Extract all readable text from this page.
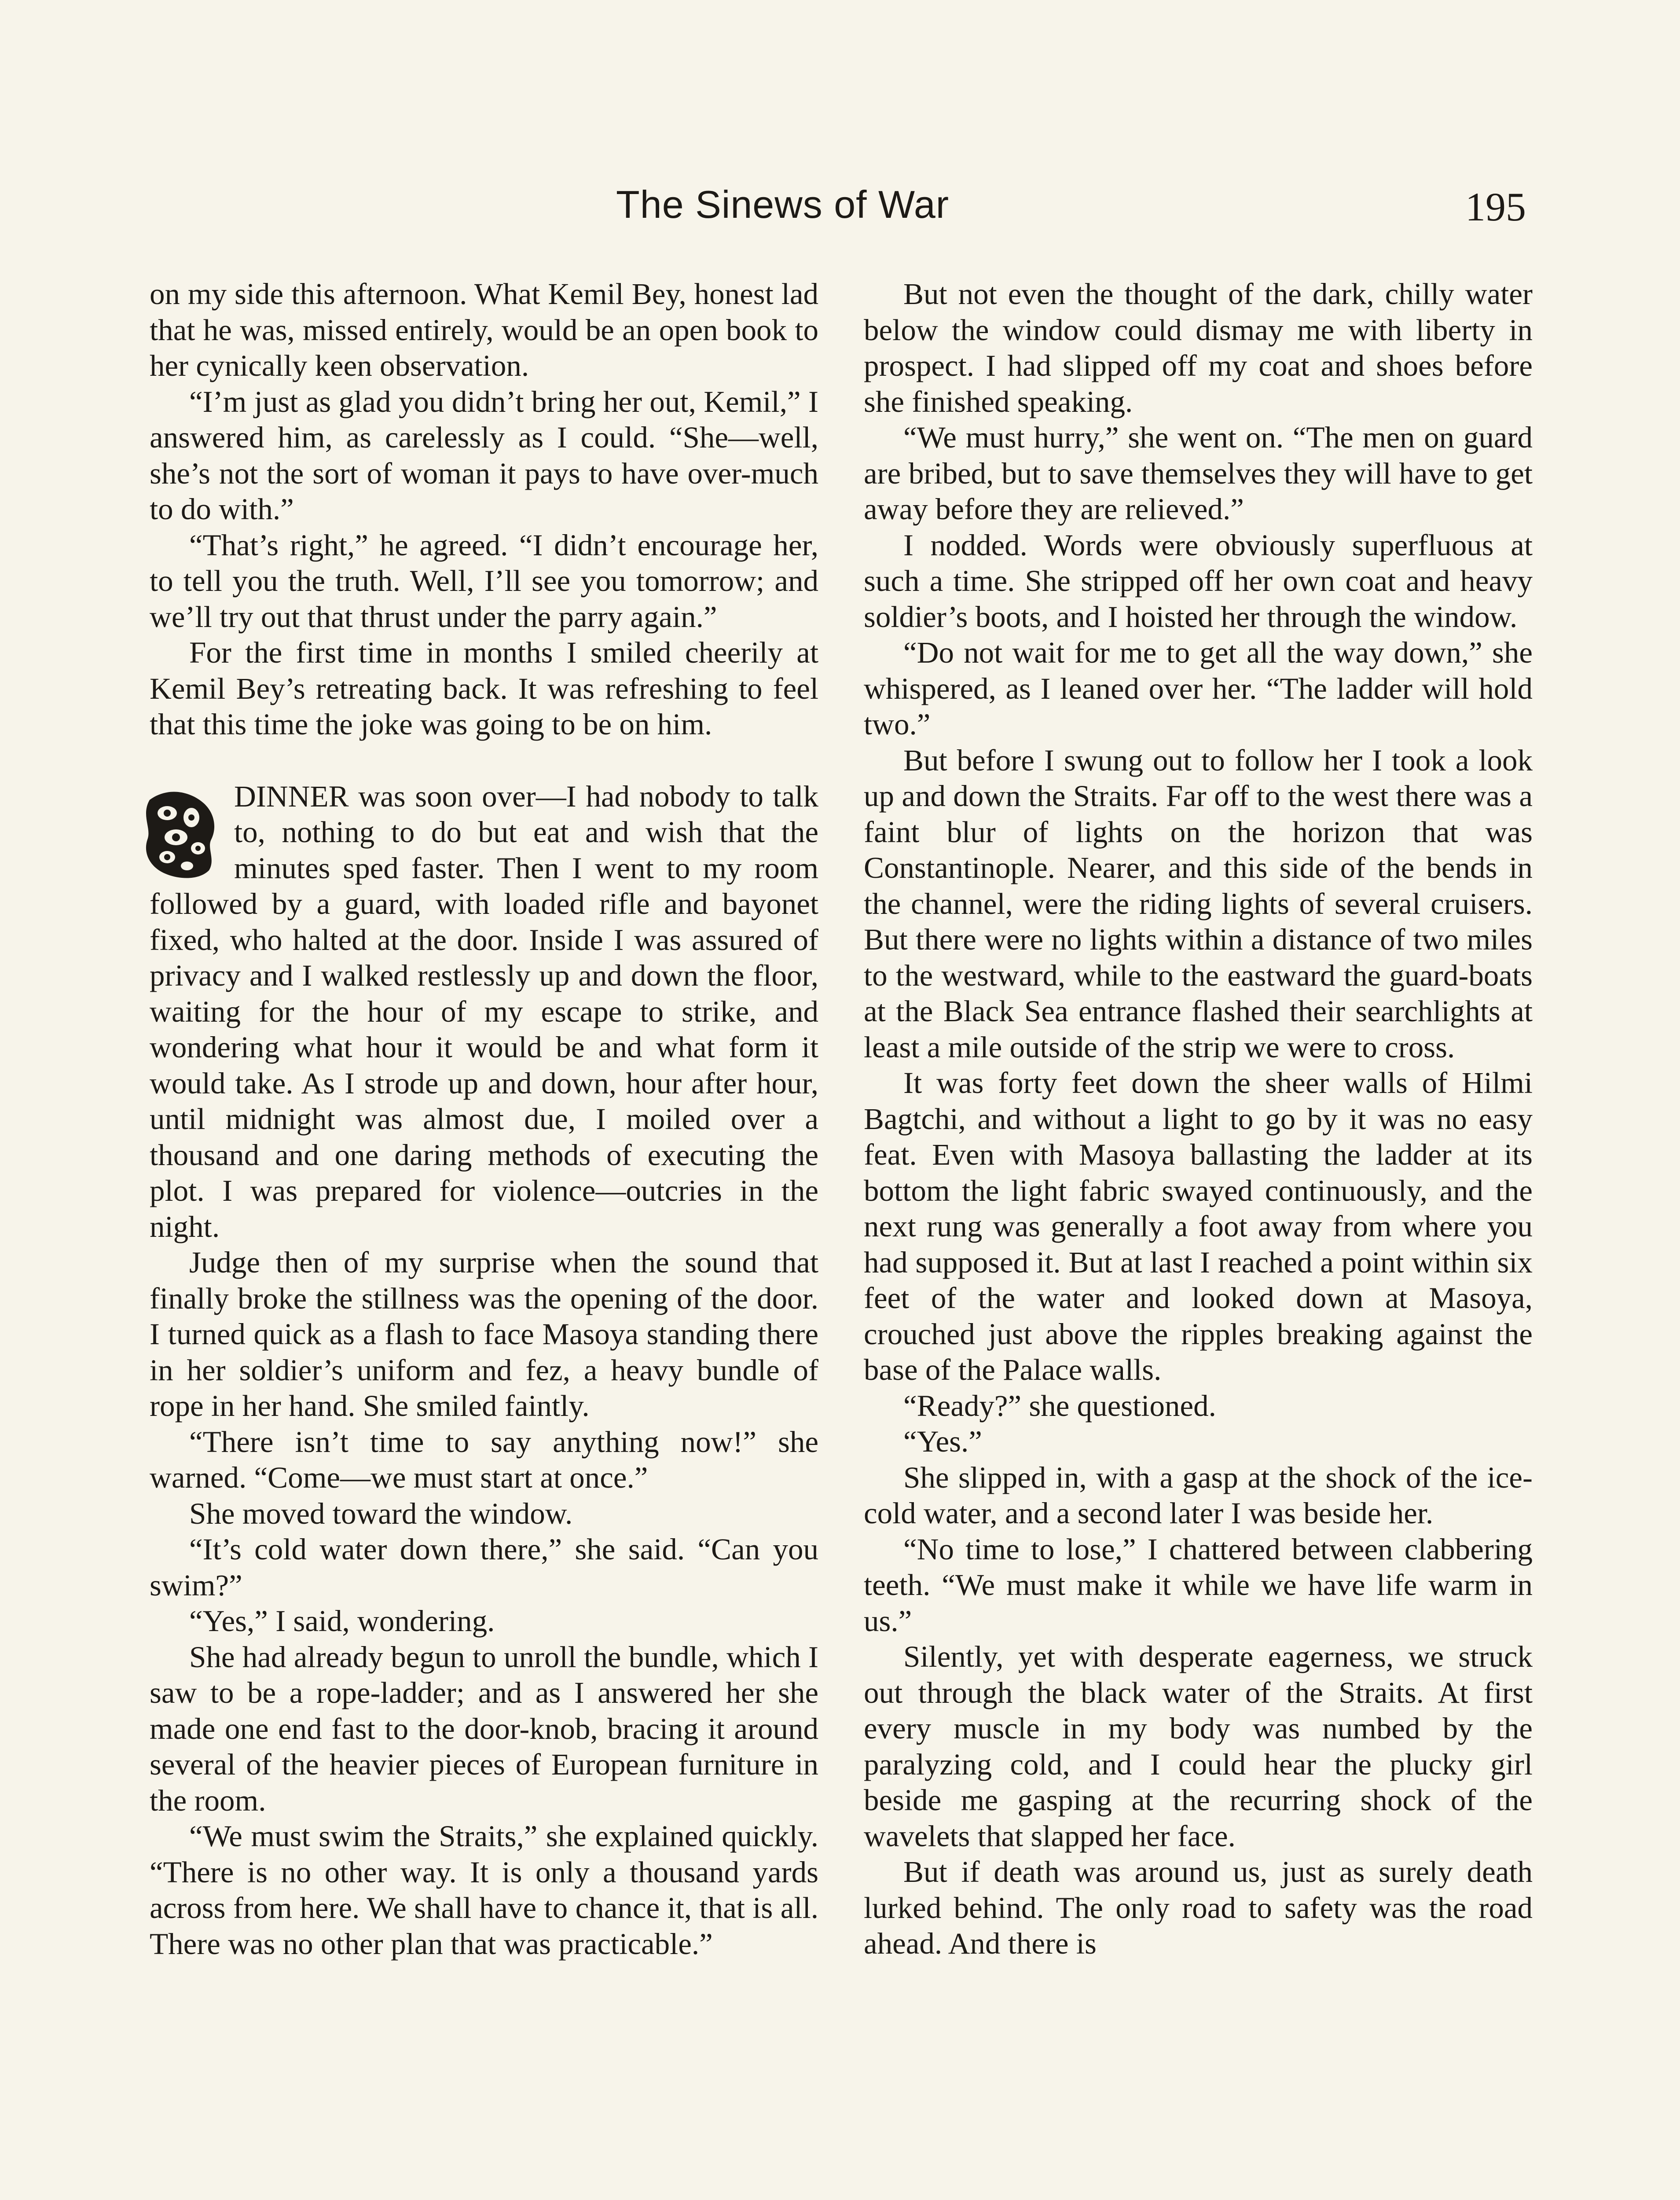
The Sinews of War	195

on my side this afternoon. What Kemil Bey, honest lad that he was, missed entirely, would be an open book to her cynically keen observation.

“I’m just as glad you didn’t bring her out, Kemil,” I answered him, as carelessly as I could. “She—well, she’s not the sort of woman it pays to have over-much to do with.”

“That’s right,” he agreed. “I didn’t encourage her, to tell you the truth. Well, I’ll see you tomorrow; and we’ll try out that thrust under the parry again.”

For the first time in months I smiled cheerily at Kemil Bey’s retreating back. It was refreshing to feel that this time the joke was going to be on him.

DINNER was soon over—I had nobody to talk to, nothing to do but eat and wish that the minutes sped faster. Then I went to my room followed by a guard, with loaded rifle and bayonet fixed, who halted at the door. Inside I was assured of privacy and I walked restlessly up and down the floor, waiting for the hour of my escape to strike, and wondering what hour it would be and what form it would take. As I strode up and down, hour after hour, until midnight was almost due, I moiled over a thousand and one daring methods of executing the plot. I was prepared for violence—outcries in the night.

Judge then of my surprise when the sound that finally broke the stillness was the opening of the door. I turned quick as a flash to face Masoya standing there in her soldier’s uniform and fez, a heavy bundle of rope in her hand. She smiled faintly.

“There isn’t time to say anything now!” she warned. “Come—we must start at once.”

She moved toward the window.

“It’s cold water down there,” she said. “Can you swim?”

“Yes,” I said, wondering.

She had already begun to unroll the bundle, which I saw to be a rope-ladder; and as I answered her she made one end fast to the door-knob, bracing it around several of the heavier pieces of European furniture in the room.

“We must swim the Straits,” she explained quickly. “There is no other way. It is only a thousand yards across from here. We shall have to chance it, that is all. There was no other plan that was practicable.”

But not even the thought of the dark, chilly water below the window could dismay me with liberty in prospect. I had slipped off my coat and shoes before she finished speaking.

“We must hurry,” she went on. “The men on guard are bribed, but to save themselves they will have to get away before they are relieved.”

I nodded. Words were obviously superfluous at such a time. She stripped off her own coat and heavy soldier’s boots, and I hoisted her through the window.

“Do not wait for me to get all the way down,” she whispered, as I leaned over her. “The ladder will hold two.”

But before I swung out to follow her I took a look up and down the Straits. Far off to the west there was a faint blur of lights on the horizon that was Constantinople. Nearer, and this side of the bends in the channel, were the riding lights of several cruisers. But there were no lights within a distance of two miles to the westward, while to the eastward the guard-boats at the Black Sea entrance flashed their searchlights at least a mile outside of the strip we were to cross.

It was forty feet down the sheer walls of Hilmi Bagtchi, and without a light to go by it was no easy feat. Even with Masoya ballasting the ladder at its bottom the light fabric swayed continuously, and the next rung was generally a foot away from where you had supposed it. But at last I reached a point within six feet of the water and looked down at Masoya, crouched just above the ripples breaking against the base of the Palace walls.

“Ready?” she questioned.

“Yes.”

She slipped in, with a gasp at the shock of the ice-cold water, and a second later I was beside her.

“No time to lose,” I chattered between clabbering teeth. “We must make it while we have life warm in us.”

Silently, yet with desperate eagerness, we struck out through the black water of the Straits. At first every muscle in my body was numbed by the paralyzing cold, and I could hear the plucky girl beside me gasping at the recurring shock of the wavelets that slapped her face.

But if death was around us, just as surely death lurked behind. The only road to safety was the road ahead. And there is
